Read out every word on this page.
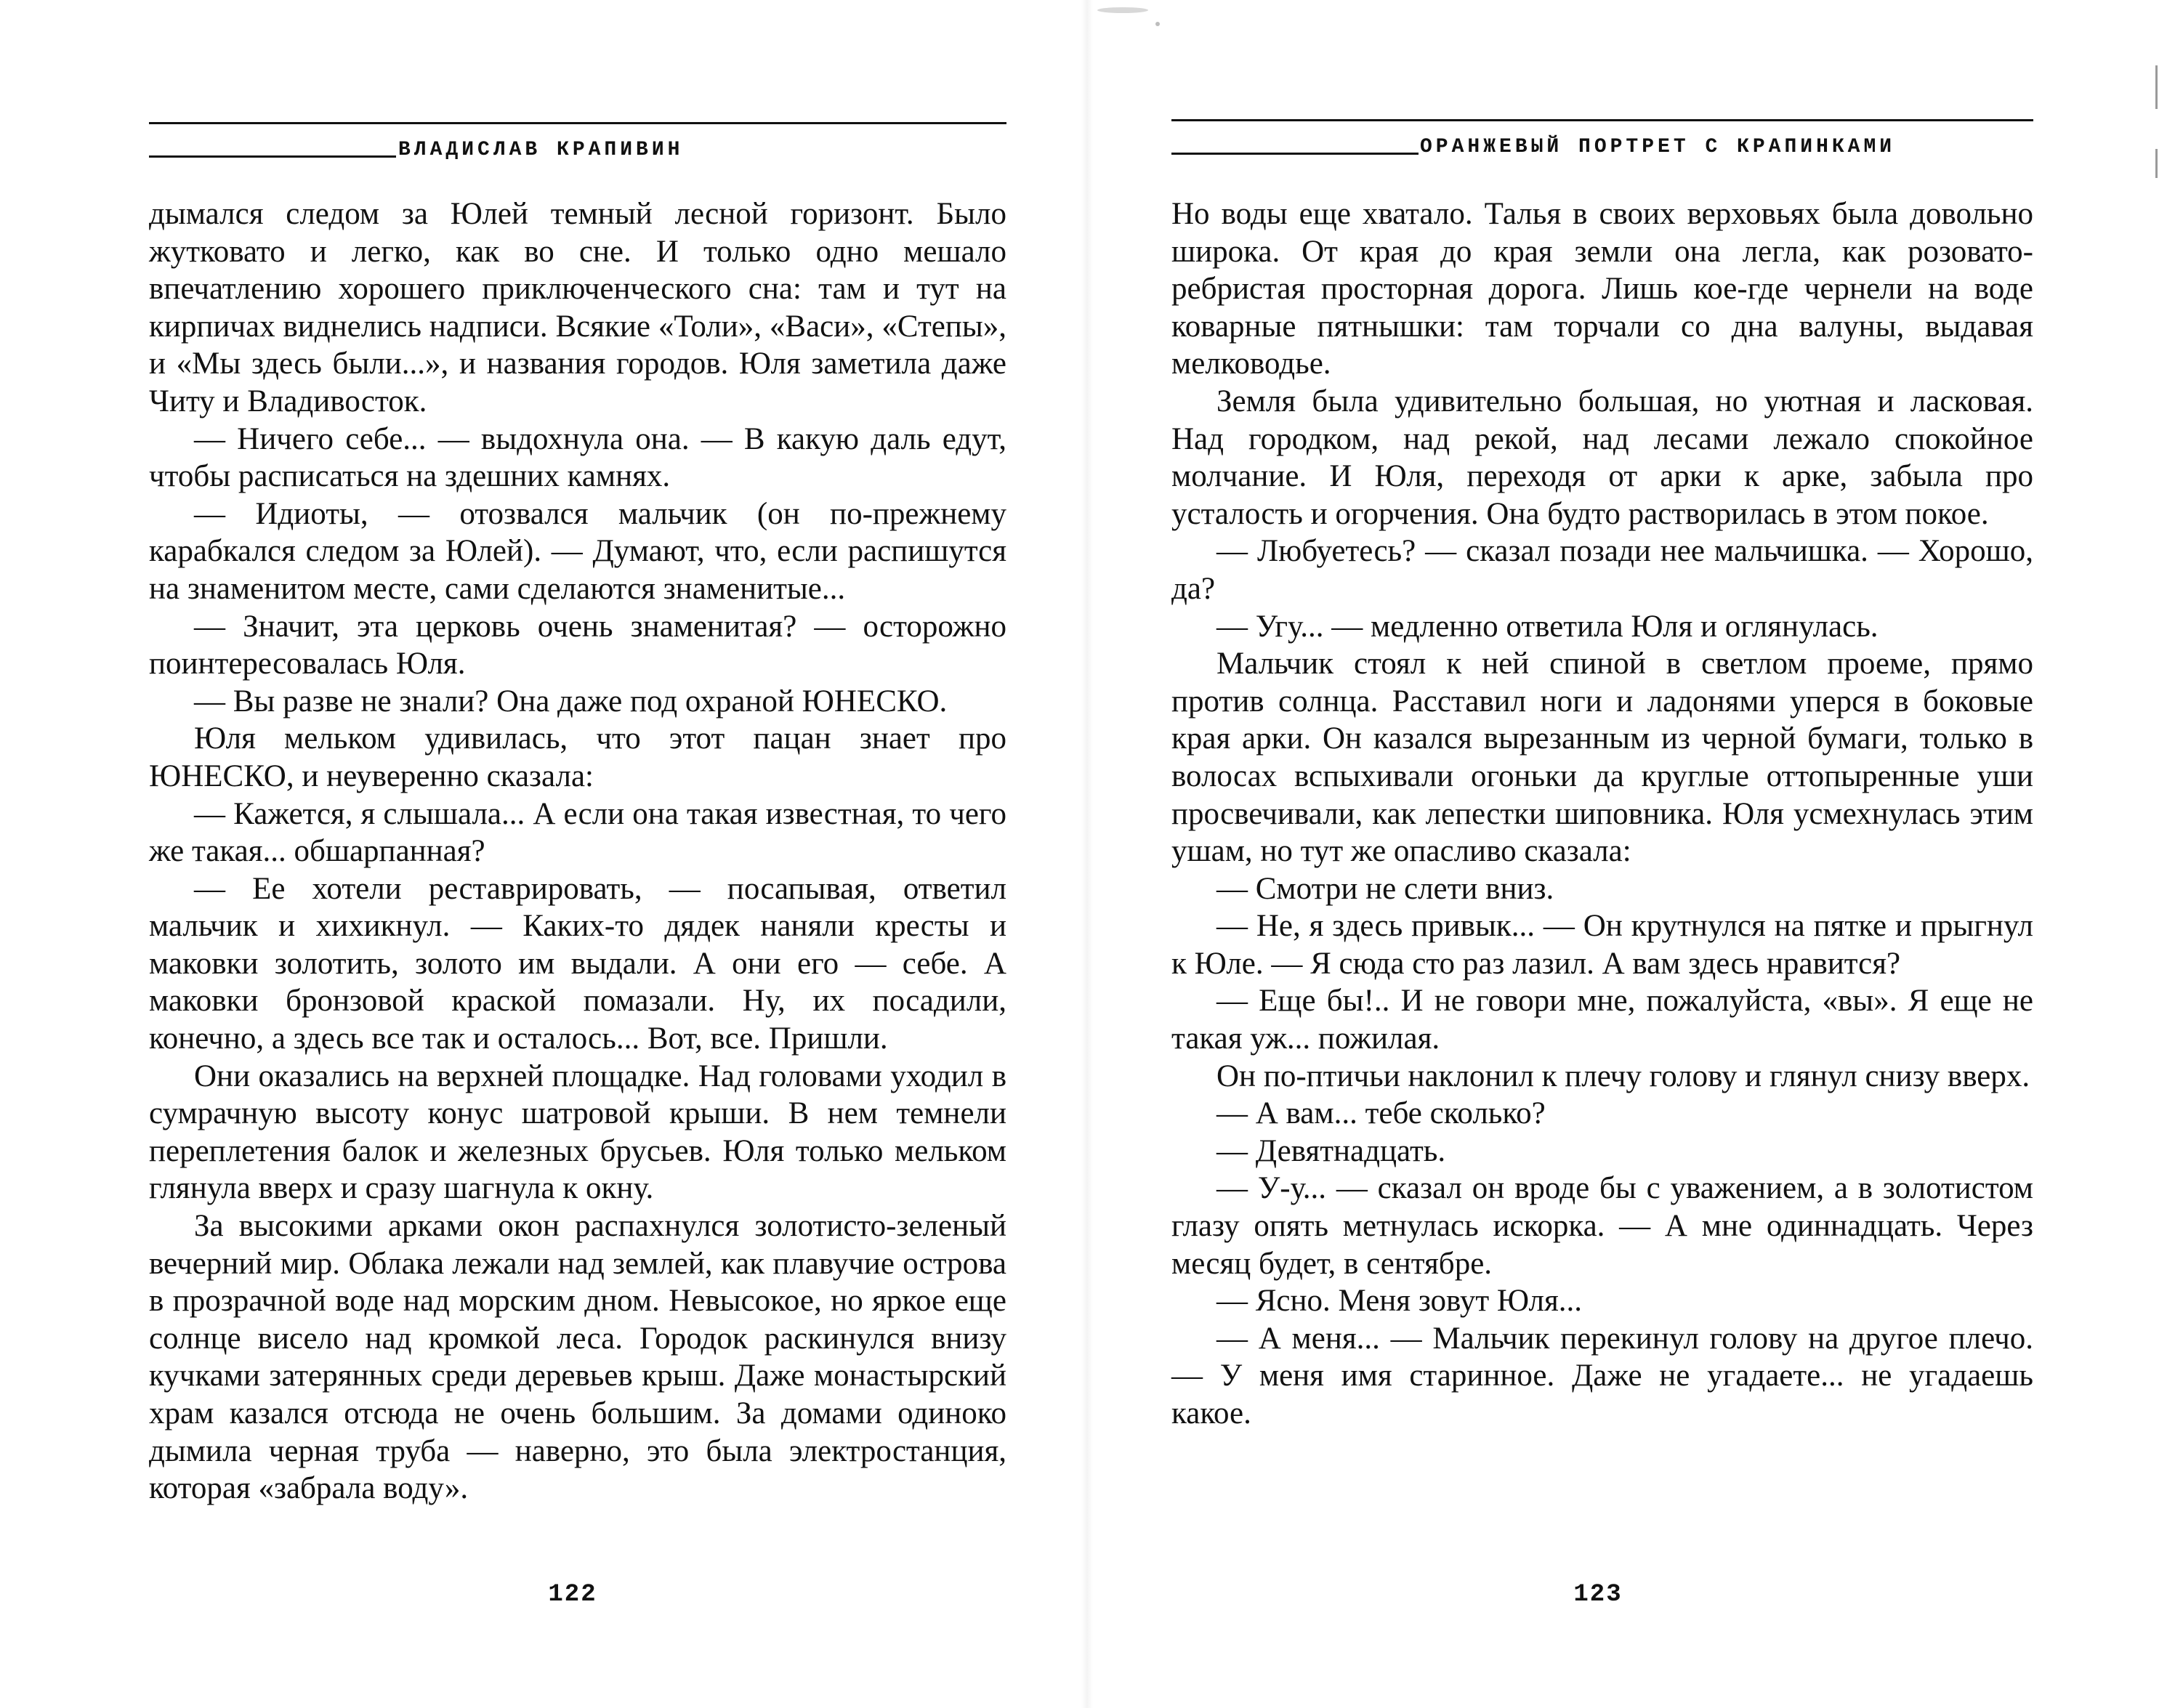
ВЛАДИСЛАВ КРАПИВИН

дымался следом за Юлей темный лесной горизонт. Было жутковато и легко, как во сне. И только одно мешало впечатлению хорошего приключенческого сна: там и тут на кирпичах виднелись надписи. Всякие «Толи», «Васи», «Степы», и «Мы здесь были...», и названия городов. Юля заметила даже Читу и Владивосток.

— Ничего себе... — выдохнула она. — В какую даль едут, чтобы расписаться на здешних камнях.

— Идиоты, — отозвался мальчик (он по-прежнему карабкался следом за Юлей). — Думают, что, если распишутся на знаменитом месте, сами сделаются знаменитые...

— Значит, эта церковь очень знаменитая? — осторожно поинтересовалась Юля.

— Вы разве не знали? Она даже под охраной ЮНЕСКО.

Юля мельком удивилась, что этот пацан знает про ЮНЕСКО, и неуверенно сказала:

— Кажется, я слышала... А если она такая известная, то чего же такая... обшарпанная?

— Ее хотели реставрировать, — посапывая, ответил мальчик и хихикнул. — Каких-то дядек наняли кресты и маковки золотить, золото им выдали. А они его — себе. А маковки бронзовой краской помазали. Ну, их посадили, конечно, а здесь все так и осталось... Вот, все. Пришли.

Они оказались на верхней площадке. Над головами уходил в сумрачную высоту конус шатровой крыши. В нем темнели переплетения балок и железных брусьев. Юля только мельком глянула вверх и сразу шагнула к окну.

За высокими арками окон распахнулся золотисто-зеленый вечерний мир. Облака лежали над землей, как плавучие острова в прозрачной воде над морским дном. Невысокое, но яркое еще солнце висело над кромкой леса. Городок раскинулся внизу кучками затерянных среди деревьев крыш. Даже монастырский храм казался отсюда не очень большим. За домами одиноко дымила черная труба — наверно, это была электростанция, которая «забрала воду».

122
ОРАНЖЕВЫЙ ПОРТРЕТ С КРАПИНКАМИ

Но воды еще хватало. Талья в своих верховьях была довольно широка. От края до края земли она легла, как розовато-ребристая просторная дорога. Лишь кое-где чернели на воде коварные пятнышки: там торчали со дна валуны, выдавая мелководье.

Земля была удивительно большая, но уютная и ласковая. Над городком, над рекой, над лесами лежало спокойное молчание. И Юля, переходя от арки к арке, забыла про усталость и огорчения. Она будто растворилась в этом покое.

— Любуетесь? — сказал позади нее мальчишка. — Хорошо, да?

— Угу... — медленно ответила Юля и оглянулась.

Мальчик стоял к ней спиной в светлом проеме, прямо против солнца. Расставил ноги и ладонями уперся в боковые края арки. Он казался вырезанным из черной бумаги, только в волосах вспыхивали огоньки да круглые оттопыренные уши просвечивали, как лепестки шиповника. Юля усмехнулась этим ушам, но тут же опасливо сказала:

— Смотри не слети вниз.

— Не, я здесь привык... — Он крутнулся на пятке и прыгнул к Юле. — Я сюда сто раз лазил. А вам здесь нравится?

— Еще бы!.. И не говори мне, пожалуйста, «вы». Я еще не такая уж... пожилая.

Он по-птичьи наклонил к плечу голову и глянул снизу вверх.

— А вам... тебе сколько?

— Девятнадцать.

— У-у... — сказал он вроде бы с уважением, а в золотистом глазу опять метнулась искорка. — А мне одиннадцать. Через месяц будет, в сентябре.

— Ясно. Меня зовут Юля...

— А меня... — Мальчик перекинул голову на другое плечо. — У меня имя старинное. Даже не угадаете... не угадаешь какое.

123
